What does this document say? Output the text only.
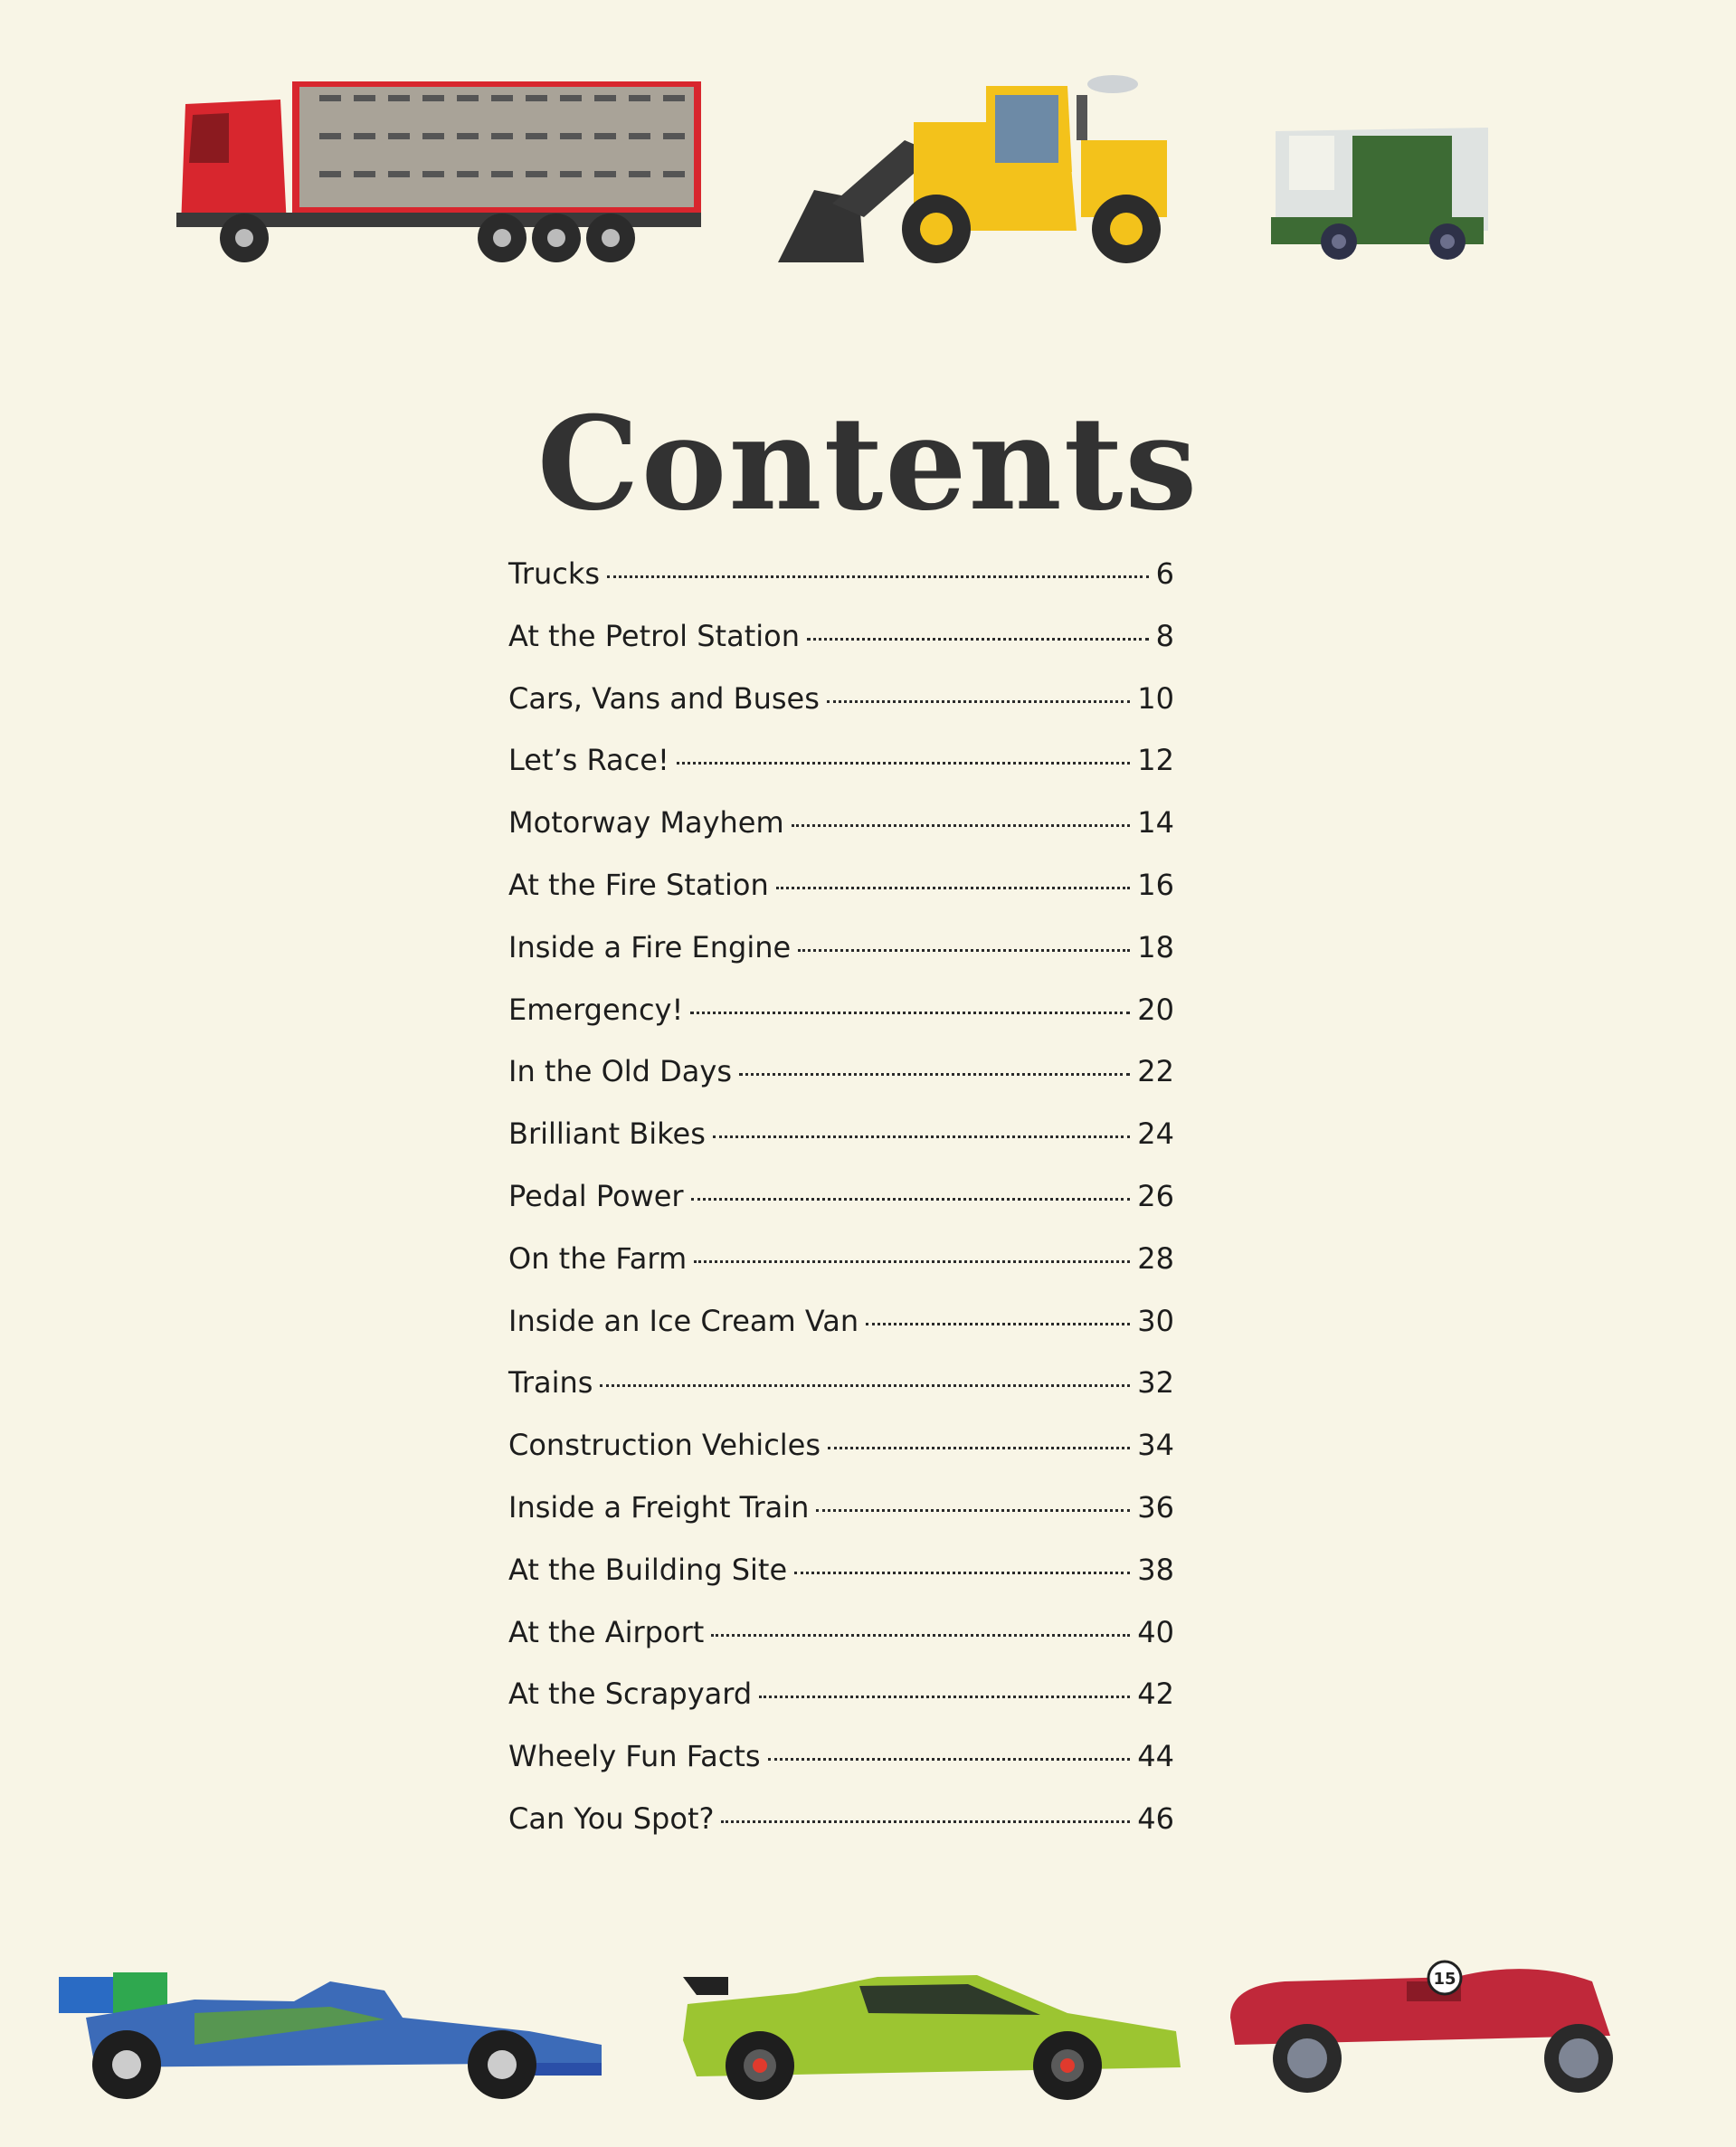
Contents
Trucks	6
At the Petrol Station	8
Cars, Vans and Buses	10
Let’s Race!	12
Motorway Mayhem	14
At the Fire Station	16
Inside a Fire Engine	18
Emergency!	20
In the Old Days	22
Brilliant Bikes	24
Pedal Power	26
On the Farm	28
Inside an Ice Cream Van	30
Trains	32
Construction Vehicles	34
Inside a Freight Train	36
At the Building Site	38
At the Airport	40
At the Scrapyard	42
Wheely Fun Facts	44
Can You Spot?	46
15
